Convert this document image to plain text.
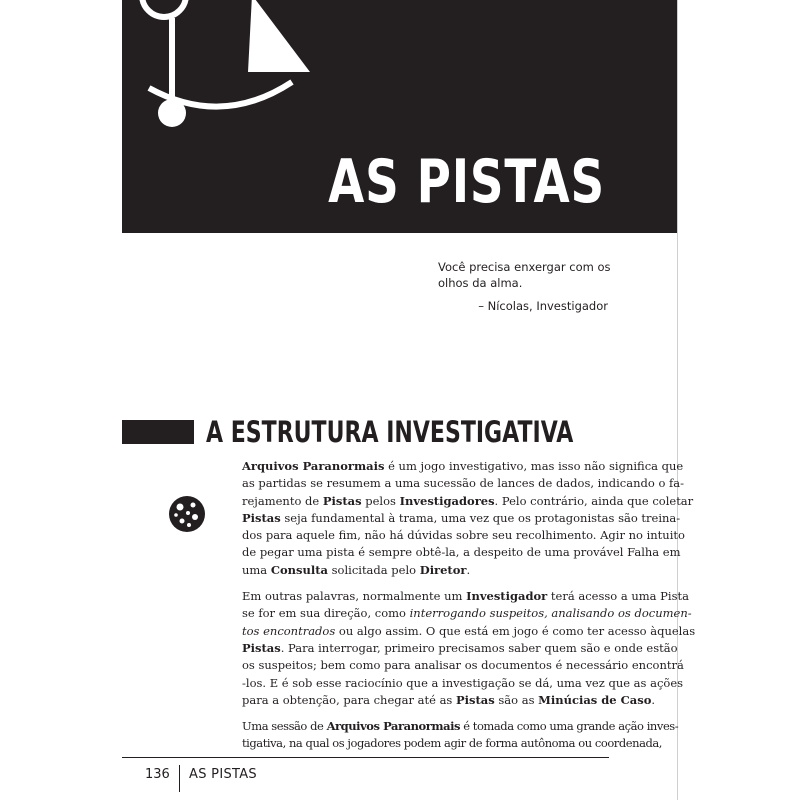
AS PISTAS
Você precisa enxergar com os
olhos da alma.
– Nícolas, Investigador
A ESTRUTURA INVESTIGATIVA

Arquivos Paranormais é um jogo investigativo, mas isso não significa que
as partidas se resumem a uma sucessão de lances de dados, indicando o fa-
rejamento de Pistas pelos Investigadores. Pelo contrário, ainda que coletar
Pistas seja fundamental à trama, uma vez que os protagonistas são treina-
dos para aquele fim, não há dúvidas sobre seu recolhimento. Agir no intuito
de pegar uma pista é sempre obtê-la, a despeito de uma provável Falha em
uma Consulta solicitada pelo Diretor.

Em outras palavras, normalmente um Investigador terá acesso a uma Pista
se for em sua direção, como interrogando suspeitos, analisando os documen-
tos encontrados ou algo assim. O que está em jogo é como ter acesso àquelas
Pistas. Para interrogar, primeiro precisamos saber quem são e onde estão
os suspeitos; bem como para analisar os documentos é necessário encontrá
-los. E é sob esse raciocínio que a investigação se dá, uma vez que as ações
para a obtenção, para chegar até as Pistas são as Minúcias de Caso.

Uma sessão de Arquivos Paranormais é tomada como uma grande ação inves-
tigativa, na qual os jogadores podem agir de forma autônoma ou coordenada,

136 AS PISTAS
